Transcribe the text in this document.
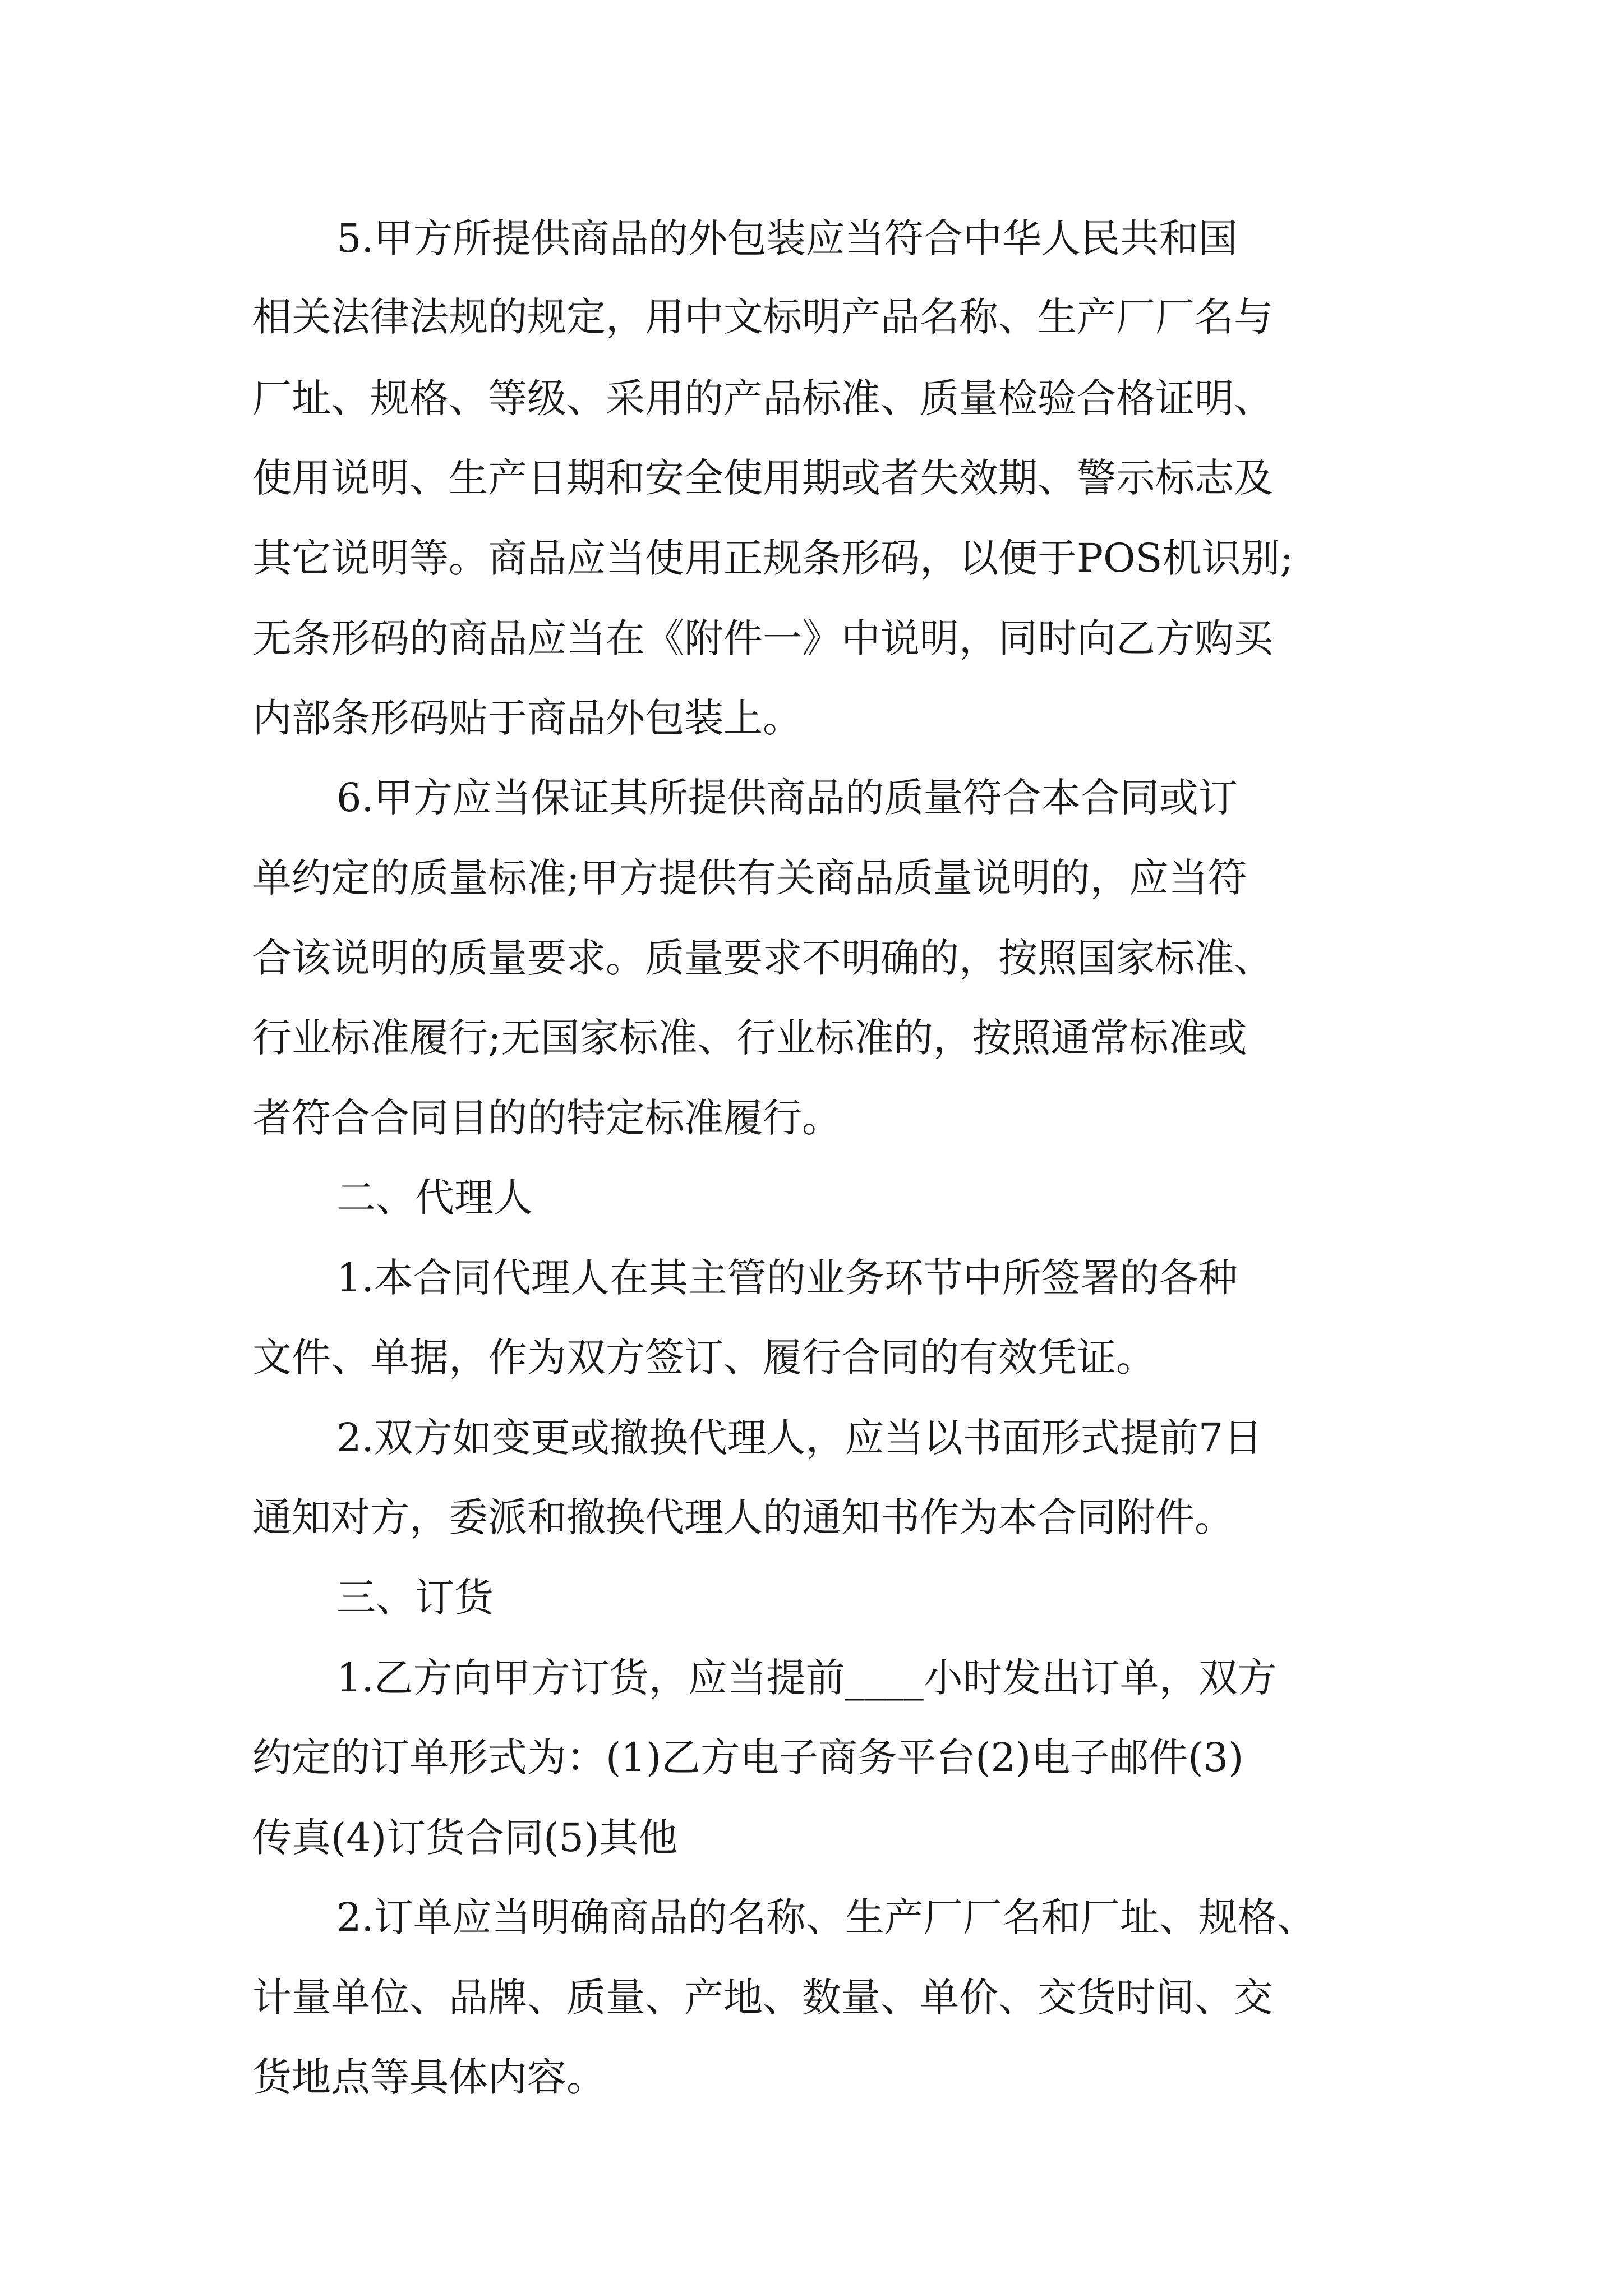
5.甲方所提供商品的外包装应当符合中华人民共和国

相关法律法规的规定，用中文标明产品名称、生产厂厂名与

厂址、规格、等级、采用的产品标准、质量检验合格证明、

使用说明、生产日期和安全使用期或者失效期、警示标志及

其它说明等。商品应当使用正规条形码，以便于POS机识别;

无条形码的商品应当在《附件一》中说明，同时向乙方购买

内部条形码贴于商品外包装上。

6.甲方应当保证其所提供商品的质量符合本合同或订

单约定的质量标准;甲方提供有关商品质量说明的，应当符

合该说明的质量要求。质量要求不明确的，按照国家标准、

行业标准履行;无国家标准、行业标准的，按照通常标准或

者符合合同目的的特定标准履行。

二、代理人

1.本合同代理人在其主管的业务环节中所签署的各种

文件、单据，作为双方签订、履行合同的有效凭证。

2.双方如变更或撤换代理人，应当以书面形式提前7日

通知对方，委派和撤换代理人的通知书作为本合同附件。

三、订货

1.乙方向甲方订货，应当提前____小时发出订单，双方

约定的订单形式为：(1)乙方电子商务平台(2)电子邮件(3)

传真(4)订货合同(5)其他

2.订单应当明确商品的名称、生产厂厂名和厂址、规格、

计量单位、品牌、质量、产地、数量、单价、交货时间、交

货地点等具体内容。
